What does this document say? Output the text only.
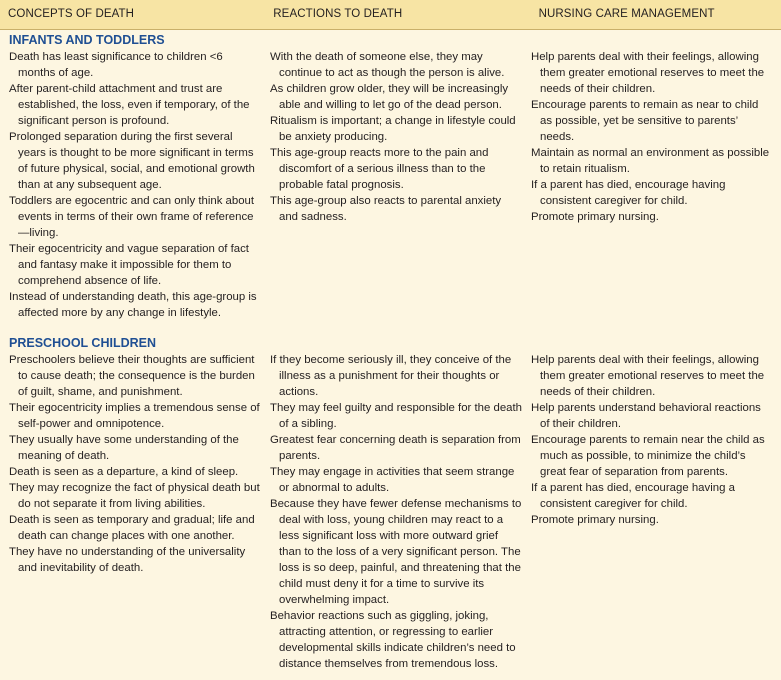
CONCEPTS OF DEATH	REACTIONS TO DEATH	NURSING CARE MANAGEMENT
INFANTS AND TODDLERS
Death has least significance to children <6 months of age.
After parent-child attachment and trust are established, the loss, even if temporary, of the significant person is profound.
Prolonged separation during the first several years is thought to be more significant in terms of future physical, social, and emotional growth than at any subsequent age.
Toddlers are egocentric and can only think about events in terms of their own frame of reference—living.
Their egocentricity and vague separation of fact and fantasy make it impossible for them to comprehend absence of life.
Instead of understanding death, this age-group is affected more by any change in lifestyle.
With the death of someone else, they may continue to act as though the person is alive.
As children grow older, they will be increasingly able and willing to let go of the dead person.
Ritualism is important; a change in lifestyle could be anxiety producing.
This age-group reacts more to the pain and discomfort of a serious illness than to the probable fatal prognosis.
This age-group also reacts to parental anxiety and sadness.
Help parents deal with their feelings, allowing them greater emotional reserves to meet the needs of their children.
Encourage parents to remain as near to child as possible, yet be sensitive to parents’ needs.
Maintain as normal an environment as possible to retain ritualism.
If a parent has died, encourage having consistent caregiver for child.
Promote primary nursing.
PRESCHOOL CHILDREN
Preschoolers believe their thoughts are sufficient to cause death; the consequence is the burden of guilt, shame, and punishment.
Their egocentricity implies a tremendous sense of self-power and omnipotence.
They usually have some understanding of the meaning of death.
Death is seen as a departure, a kind of sleep.
They may recognize the fact of physical death but do not separate it from living abilities.
Death is seen as temporary and gradual; life and death can change places with one another.
They have no understanding of the universality and inevitability of death.
If they become seriously ill, they conceive of the illness as a punishment for their thoughts or actions.
They may feel guilty and responsible for the death of a sibling.
Greatest fear concerning death is separation from parents.
They may engage in activities that seem strange or abnormal to adults.
Because they have fewer defense mechanisms to deal with loss, young children may react to a less significant loss with more outward grief than to the loss of a very significant person. The loss is so deep, painful, and threatening that the child must deny it for a time to survive its overwhelming impact.
Behavior reactions such as giggling, joking, attracting attention, or regressing to earlier developmental skills indicate children’s need to distance themselves from tremendous loss.
Help parents deal with their feelings, allowing them greater emotional reserves to meet the needs of their children.
Help parents understand behavioral reactions of their children.
Encourage parents to remain near the child as much as possible, to minimize the child’s great fear of separation from parents.
If a parent has died, encourage having a consistent caregiver for child.
Promote primary nursing.
